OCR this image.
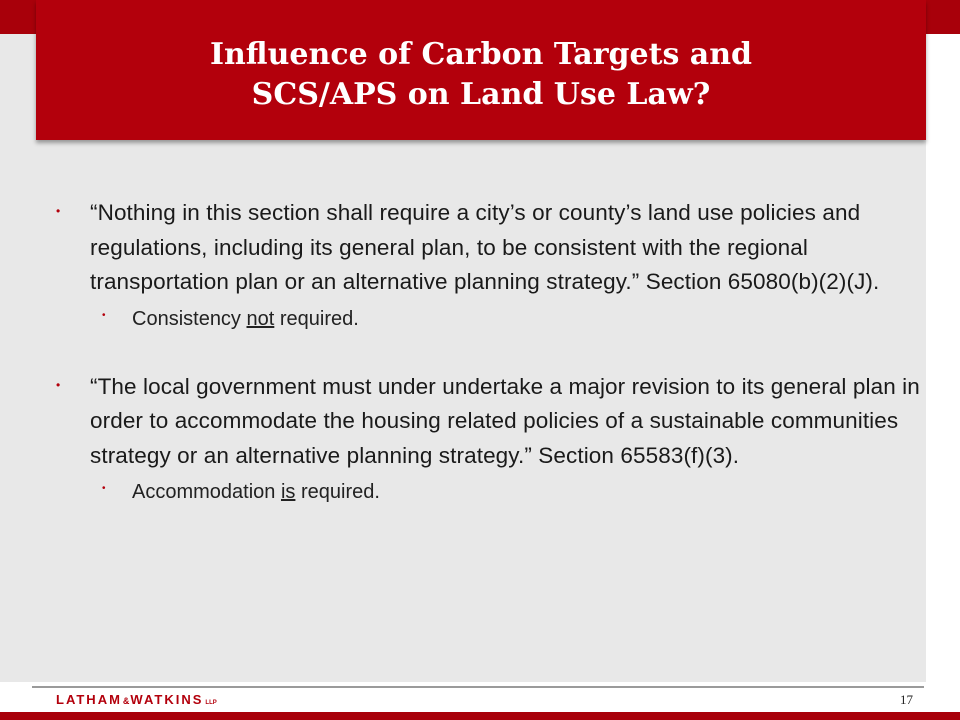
Influence of Carbon Targets and
SCS/APS on Land Use Law?
• “Nothing in this section shall require a city’s or county’s land use policies and regulations, including its general plan, to be consistent with the regional transportation plan or an alternative planning strategy.” Section 65080(b)(2)(J).
• Consistency not required.
• “The local government must under undertake a major revision to its general plan in order to accommodate the housing related policies of a sustainable communities strategy or an alternative planning strategy.” Section 65583(f)(3).
• Accommodation is required.
LATHAM & WATKINS LLP	17
